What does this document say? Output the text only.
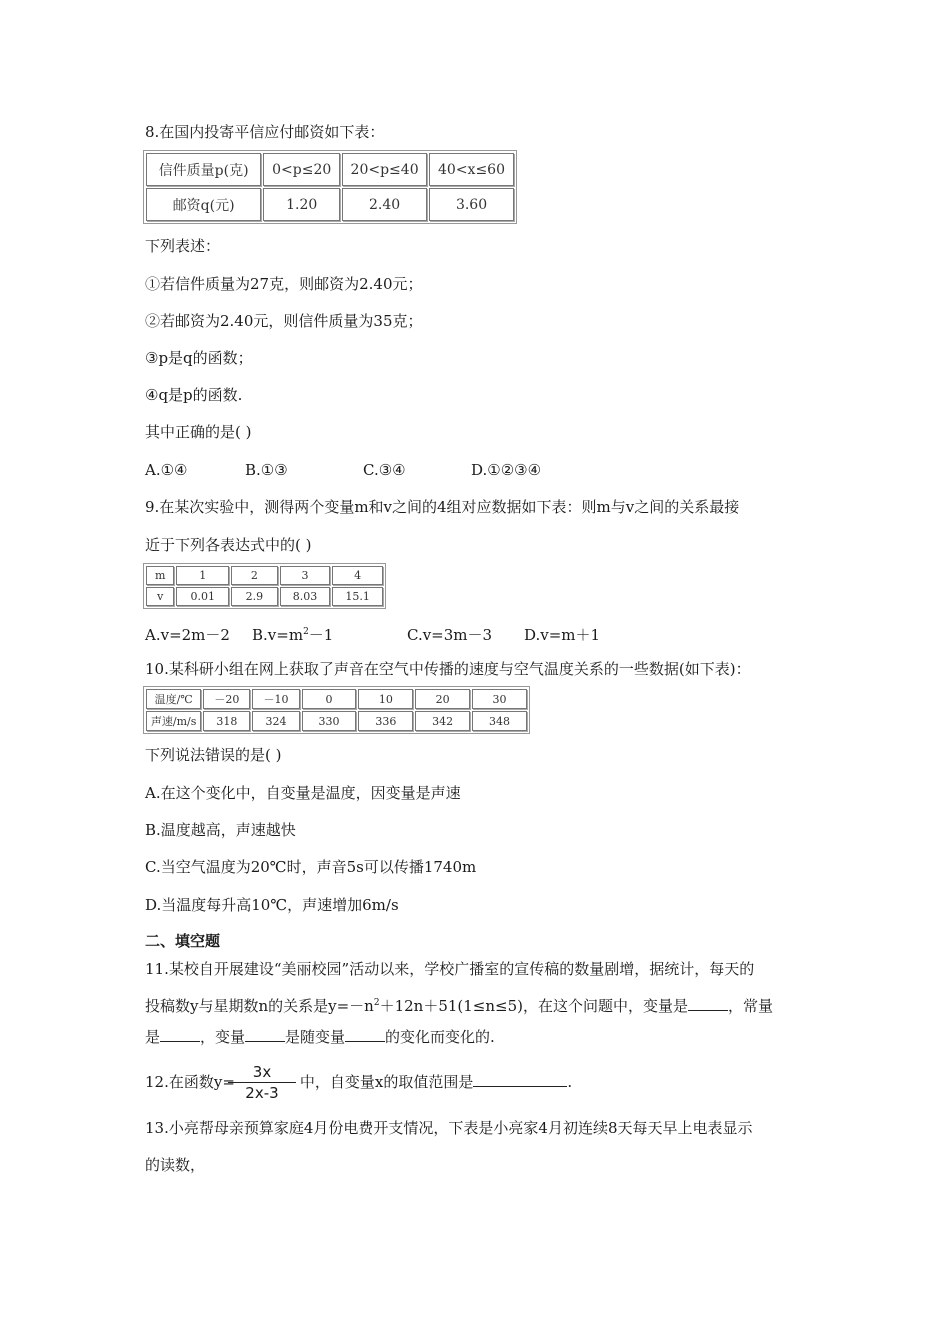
8.在国内投寄平信应付邮资如下表：
信件质量p(克)	0<p≤20	20<p≤40	40<x≤60
邮资q(元)	1.20	2.40	3.60
下列表述：
①若信件质量为27克，则邮资为2.40元；
②若邮资为2.40元，则信件质量为35克；
③p是q的函数；
④q是p的函数.
其中正确的是( )
A.①④	B.①③	C.③④	D.①②③④
9.在某次实验中，测得两个变量m和v之间的4组对应数据如下表：则m与v之间的关系最接
近于下列各表达式中的( )
m	1	2	3	4
v	0.01	2.9	8.03	15.1
A.v=2m－2 $B.v=m^2-1$	C.v=3m－3 D.v=m＋1
10.某科研小组在网上获取了声音在空气中传播的速度与空气温度关系的一些数据(如下表)：
温度/℃	－20	－10	0	10	20	30
声速/m/s	318	324	330	336	342	348
下列说法错误的是( )
A.在这个变化中，自变量是温度，因变量是声速
B.温度越高，声速越快
C.当空气温度为20℃时，声音5s可以传播1740m
D.当温度每升高10℃，声速增加6m/s
二、填空题
11.某校自开展建设“美丽校园”活动以来，学校广播室的宣传稿的数量剧增，据统计，每天的
投稿数y与星期数n的关系是$y=-n^2+12n+51(1\le n\le 5)$，在这个问题中，变量是	，常量
是	，变量	是随变量	的变化而变化的.
12.在函数y=	中，自变量x的取值范围是	.
$\frac{3x}{2x-3}$
13.小亮帮母亲预算家庭4月份电费开支情况，下表是小亮家4月初连续8天每天早上电表显示
的读数，
